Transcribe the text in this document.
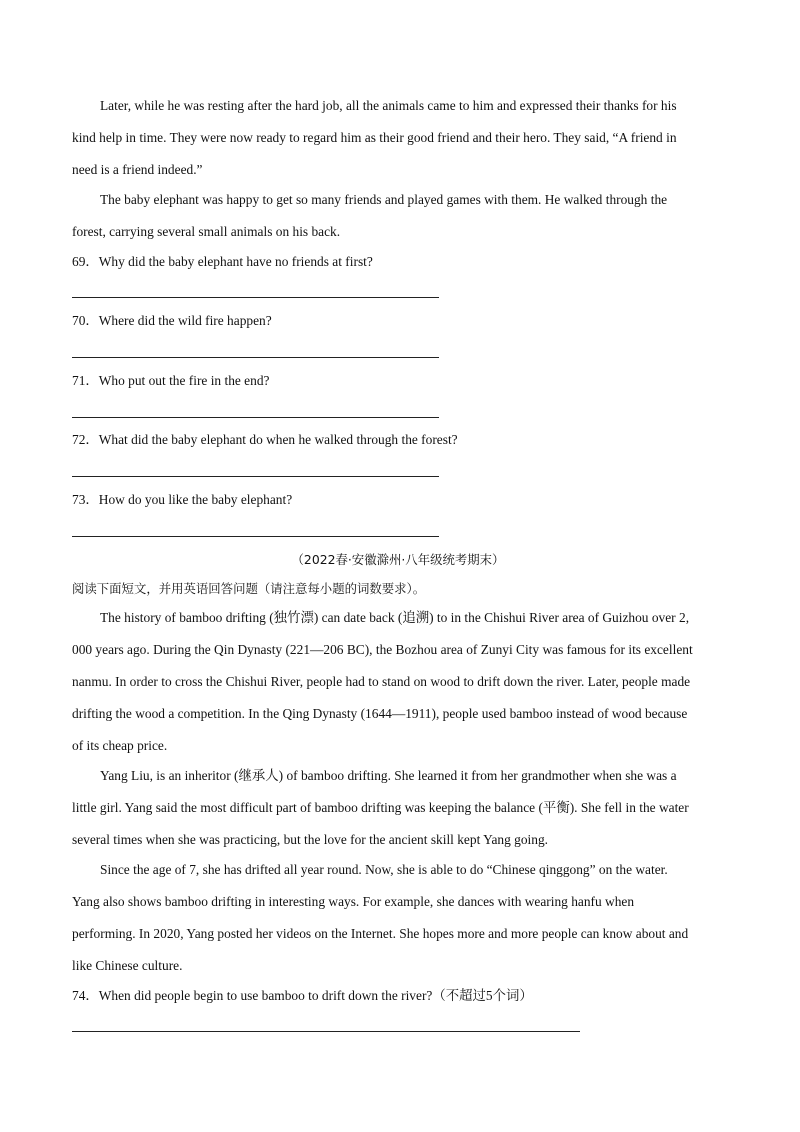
Later, while he was resting after the hard job, all the animals came to him and expressed their thanks for his
kind help in time. They were now ready to regard him as their good friend and their hero. They said, “A friend in
need is a friend indeed.”
The baby elephant was happy to get so many friends and played games with them. He walked through the
forest, carrying several small animals on his back.
69．Why did the baby elephant have no friends at first?
70．Where did the wild fire happen?
71．Who put out the fire in the end?
72．What did the baby elephant do when he walked through the forest?
73．How do you like the baby elephant?
（2022春·安徽滁州·八年级统考期末）
阅读下面短文，并用英语回答问题（请注意每小题的词数要求）。
The history of bamboo drifting (独竹漂) can date back (追溯) to in the Chishui River area of Guizhou over 2,
000 years ago. During the Qin Dynasty (221—206 BC), the Bozhou area of Zunyi City was famous for its excellent
nanmu. In order to cross the Chishui River, people had to stand on wood to drift down the river. Later, people made
drifting the wood a competition. In the Qing Dynasty (1644—1911), people used bamboo instead of wood because
of its cheap price.
Yang Liu, is an inheritor (继承人) of bamboo drifting. She learned it from her grandmother when she was a
little girl. Yang said the most difficult part of bamboo drifting was keeping the balance (平衡). She fell in the water
several times when she was practicing, but the love for the ancient skill kept Yang going.
Since the age of 7, she has drifted all year round. Now, she is able to do “Chinese qinggong” on the water.
Yang also shows bamboo drifting in interesting ways. For example, she dances with wearing hanfu when
performing. In 2020, Yang posted her videos on the Internet. She hopes more and more people can know about and
like Chinese culture.
74．When did people begin to use bamboo to drift down the river?（不超过5个词）
